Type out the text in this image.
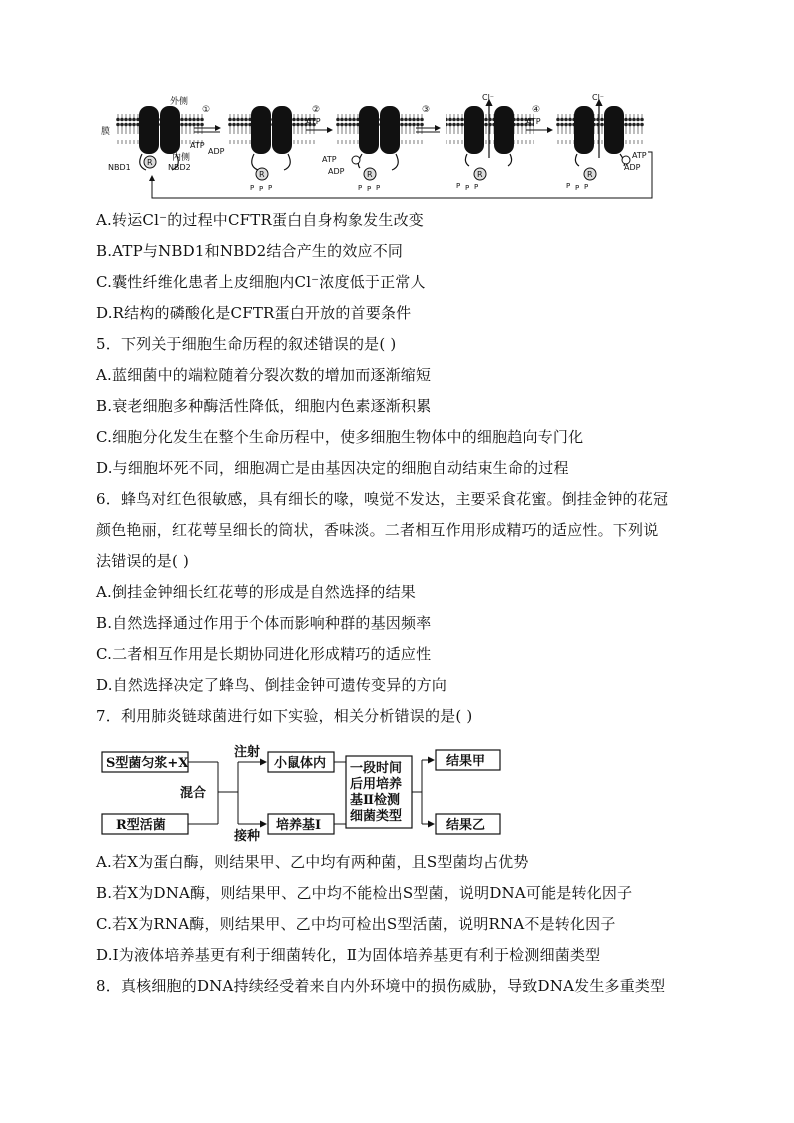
R
膜
外侧
内侧
NBD1	NBD2
①
ATP
ADP
R
P P P
②
ATP
R
ATP
ADP
P P P
③
Cl⁻
R
P P P
④
ATP
Cl⁻
R
ATP
ADP
P P P
A.转运Cl⁻的过程中CFTR蛋白自身构象发生改变
B.ATP与NBD1和NBD2结合产生的效应不同
C.囊性纤维化患者上皮细胞内Cl⁻浓度低于正常人
D.R结构的磷酸化是CFTR蛋白开放的首要条件
5．下列关于细胞生命历程的叙述错误的是( )
A.蓝细菌中的端粒随着分裂次数的增加而逐渐缩短
B.衰老细胞多种酶活性降低，细胞内色素逐渐积累
C.细胞分化发生在整个生命历程中，使多细胞生物体中的细胞趋向专门化
D.与细胞坏死不同，细胞凋亡是由基因决定的细胞自动结束生命的过程
6．蜂鸟对红色很敏感，具有细长的喙，嗅觉不发达，主要采食花蜜。倒挂金钟的花冠
颜色艳丽，红花萼呈细长的筒状，香味淡。二者相互作用形成精巧的适应性。下列说
法错误的是( )
A.倒挂金钟细长红花萼的形成是自然选择的结果
B.自然选择通过作用于个体而影响种群的基因频率
C.二者相互作用是长期协同进化形成精巧的适应性
D.自然选择决定了蜂鸟、倒挂金钟可遗传变异的方向
7．利用肺炎链球菌进行如下实验，相关分析错误的是( )
S型菌匀浆+X
R型活菌
混合
注射
接种
小鼠体内
培养基Ⅰ
一段时间
后用培养
基Ⅱ检测
细菌类型
结果甲
结果乙
A.若X为蛋白酶，则结果甲、乙中均有两种菌，且S型菌均占优势
B.若X为DNA酶，则结果甲、乙中均不能检出S型菌，说明DNA可能是转化因子
C.若X为RNA酶，则结果甲、乙中均可检出S型活菌，说明RNA不是转化因子
D.Ⅰ为液体培养基更有利于细菌转化，Ⅱ为固体培养基更有利于检测细菌类型
8．真核细胞的DNA持续经受着来自内外环境中的损伤威胁，导致DNA发生多重类型
